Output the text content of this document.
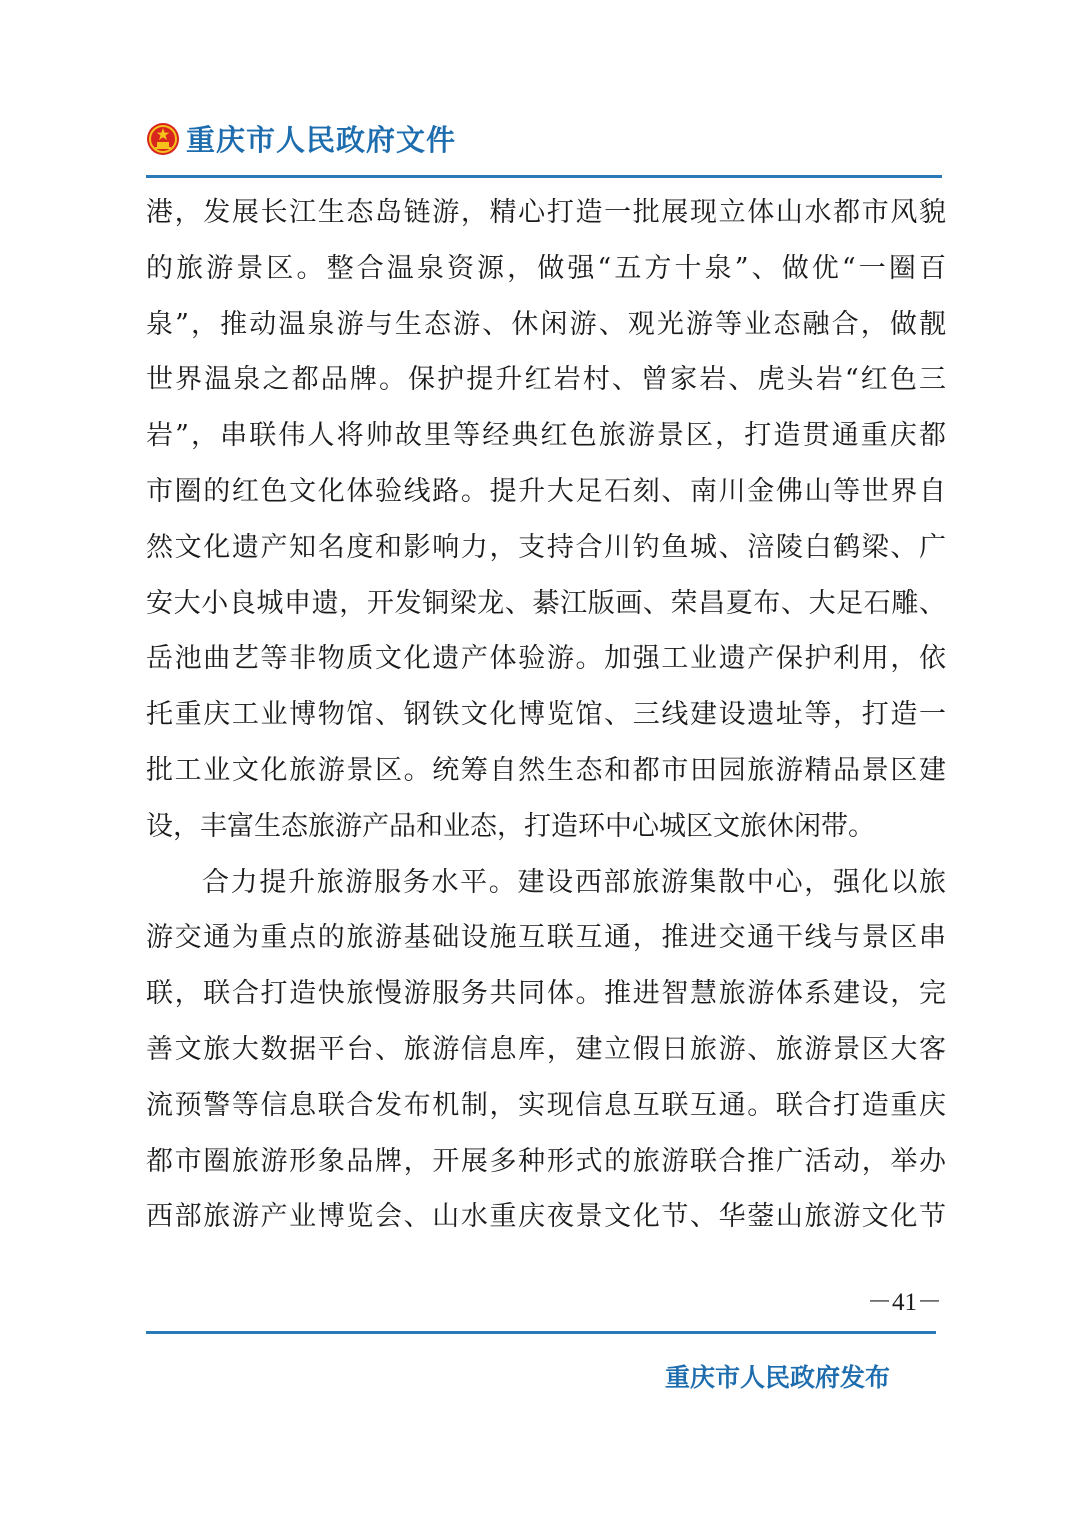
重庆市人民政府文件
港，发展长江生态岛链游，精心打造一批展现立体山水都市风貌
的旅游景区。整合温泉资源，做强“五方十泉”、做优“一圈百
泉”，推动温泉游与生态游、休闲游、观光游等业态融合，做靓
世界温泉之都品牌。保护提升红岩村、曾家岩、虎头岩“红色三
岩”，串联伟人将帅故里等经典红色旅游景区，打造贯通重庆都
市圈的红色文化体验线路。提升大足石刻、南川金佛山等世界自
然文化遗产知名度和影响力，支持合川钓鱼城、涪陵白鹤梁、广
安大小良城申遗，开发铜梁龙、綦江版画、荣昌夏布、大足石雕、
岳池曲艺等非物质文化遗产体验游。加强工业遗产保护利用，依
托重庆工业博物馆、钢铁文化博览馆、三线建设遗址等，打造一
批工业文化旅游景区。统筹自然生态和都市田园旅游精品景区建
设，丰富生态旅游产品和业态，打造环中心城区文旅休闲带。
合力提升旅游服务水平。建设西部旅游集散中心，强化以旅
游交通为重点的旅游基础设施互联互通，推进交通干线与景区串
联，联合打造快旅慢游服务共同体。推进智慧旅游体系建设，完
善文旅大数据平台、旅游信息库，建立假日旅游、旅游景区大客
流预警等信息联合发布机制，实现信息互联互通。联合打造重庆
都市圈旅游形象品牌，开展多种形式的旅游联合推广活动，举办
西部旅游产业博览会、山水重庆夜景文化节、华蓥山旅游文化节
－41－
重庆市人民政府发布
